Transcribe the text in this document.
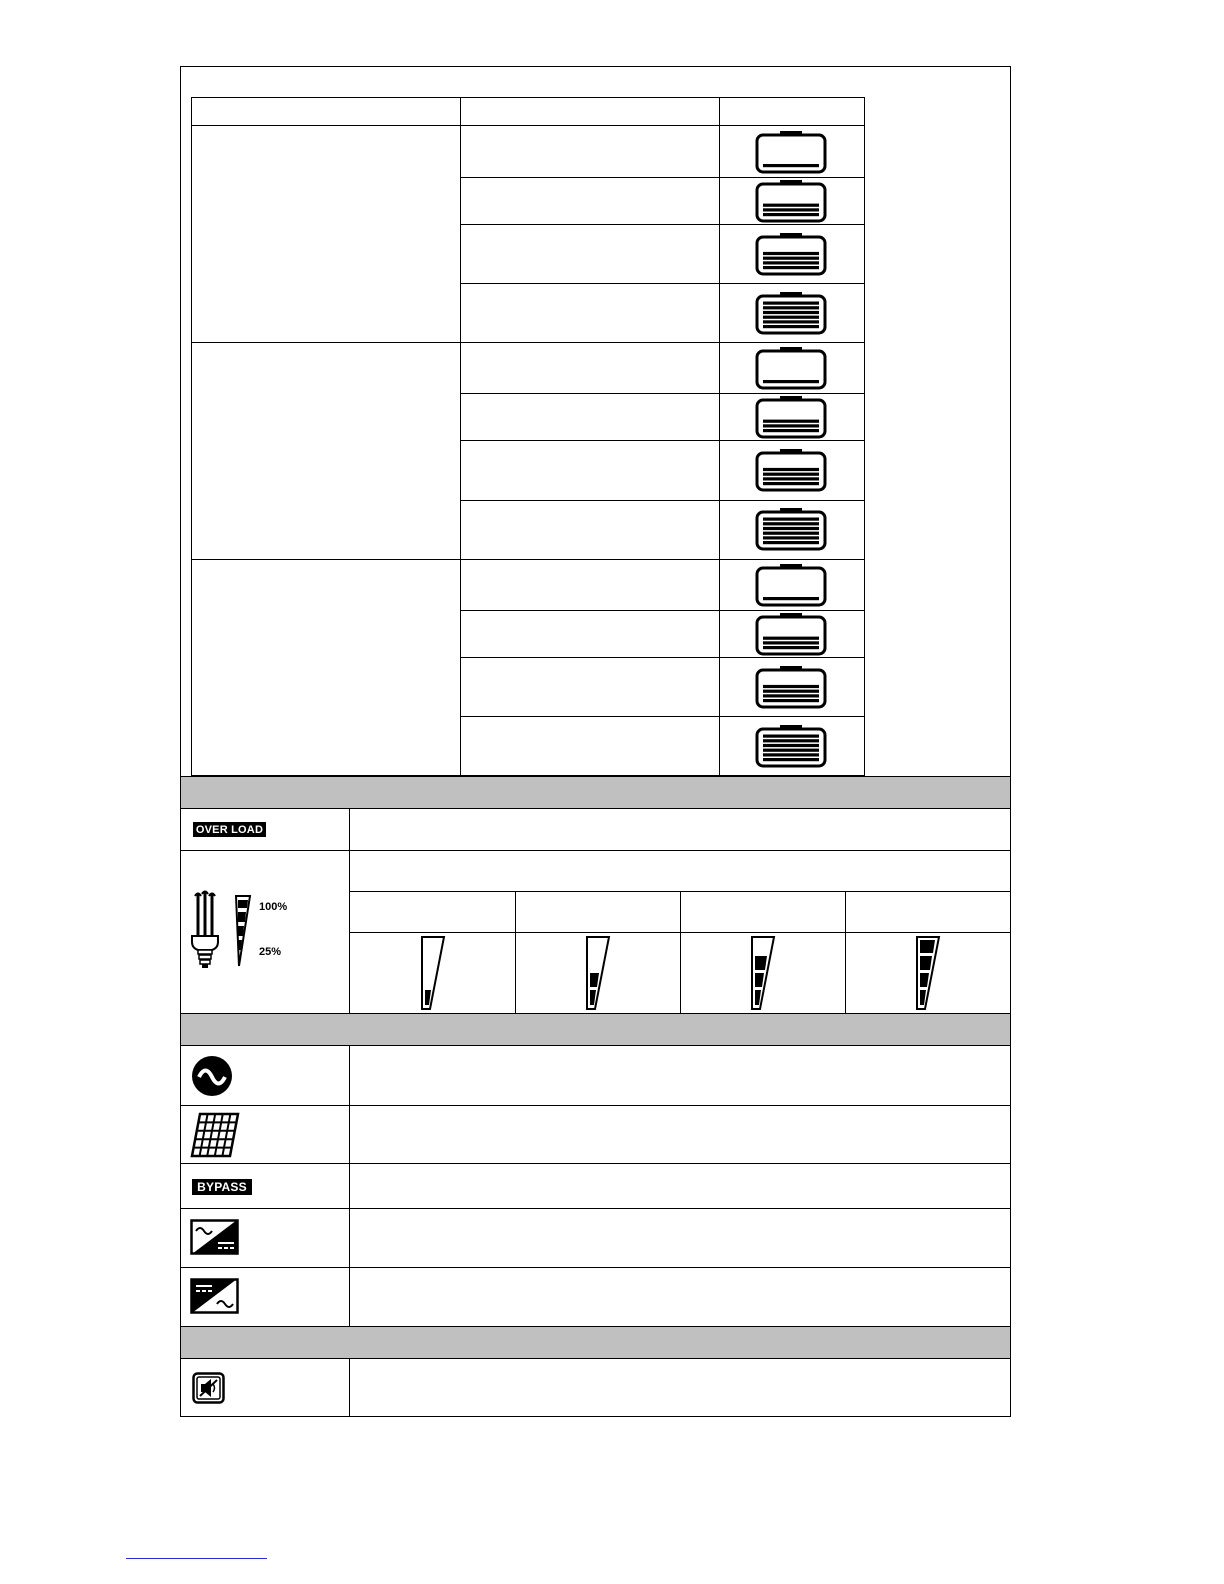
OVER LOAD
100%
25%
BYPASS
